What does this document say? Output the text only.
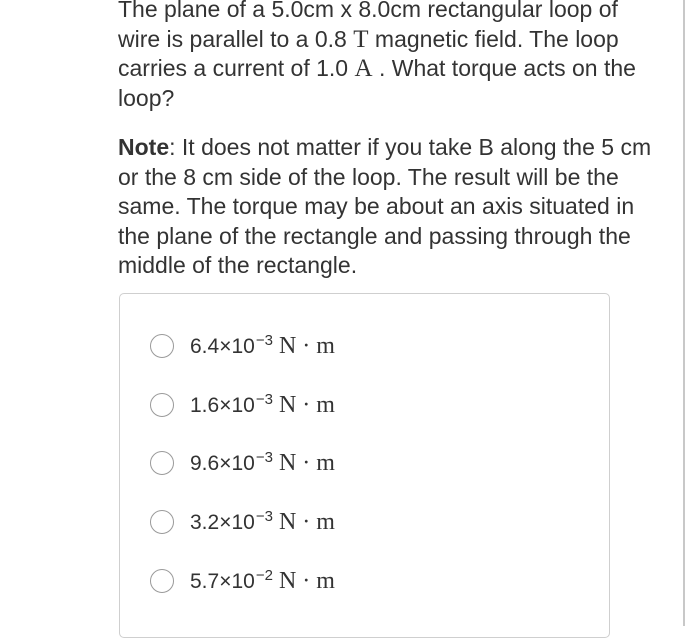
The plane of a 5.0cm x 8.0cm rectangular loop of wire is parallel to a 0.8 T magnetic field. The loop carries a current of 1.0 A . What torque acts on the loop?

Note: It does not matter if you take B along the 5 cm or the 8 cm side of the loop. The result will be the same. The torque may be about an axis situated in the plane of the rectangle and passing through the middle of the rectangle.

$6.4\times 10^{-3}$ N · m
$1.6\times 10^{-3}$ N · m
$9.6\times 10^{-3}$ N · m
$3.2\times 10^{-3}$ N · m
$5.7\times 10^{-2}$ N · m
